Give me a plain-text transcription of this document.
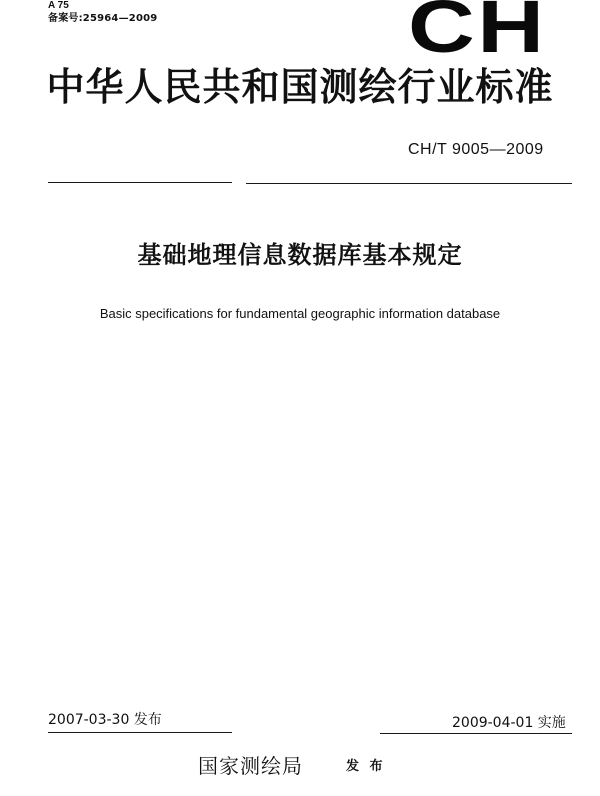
A 75
备案号:25964—2009	CH
中华人民共和国测绘行业标准
CH/T 9005—2009
基础地理信息数据库基本规定
Basic specifications for fundamental geographic information database
2007-03-30 发布	2009-04-01 实施
国家测绘局	发 布
